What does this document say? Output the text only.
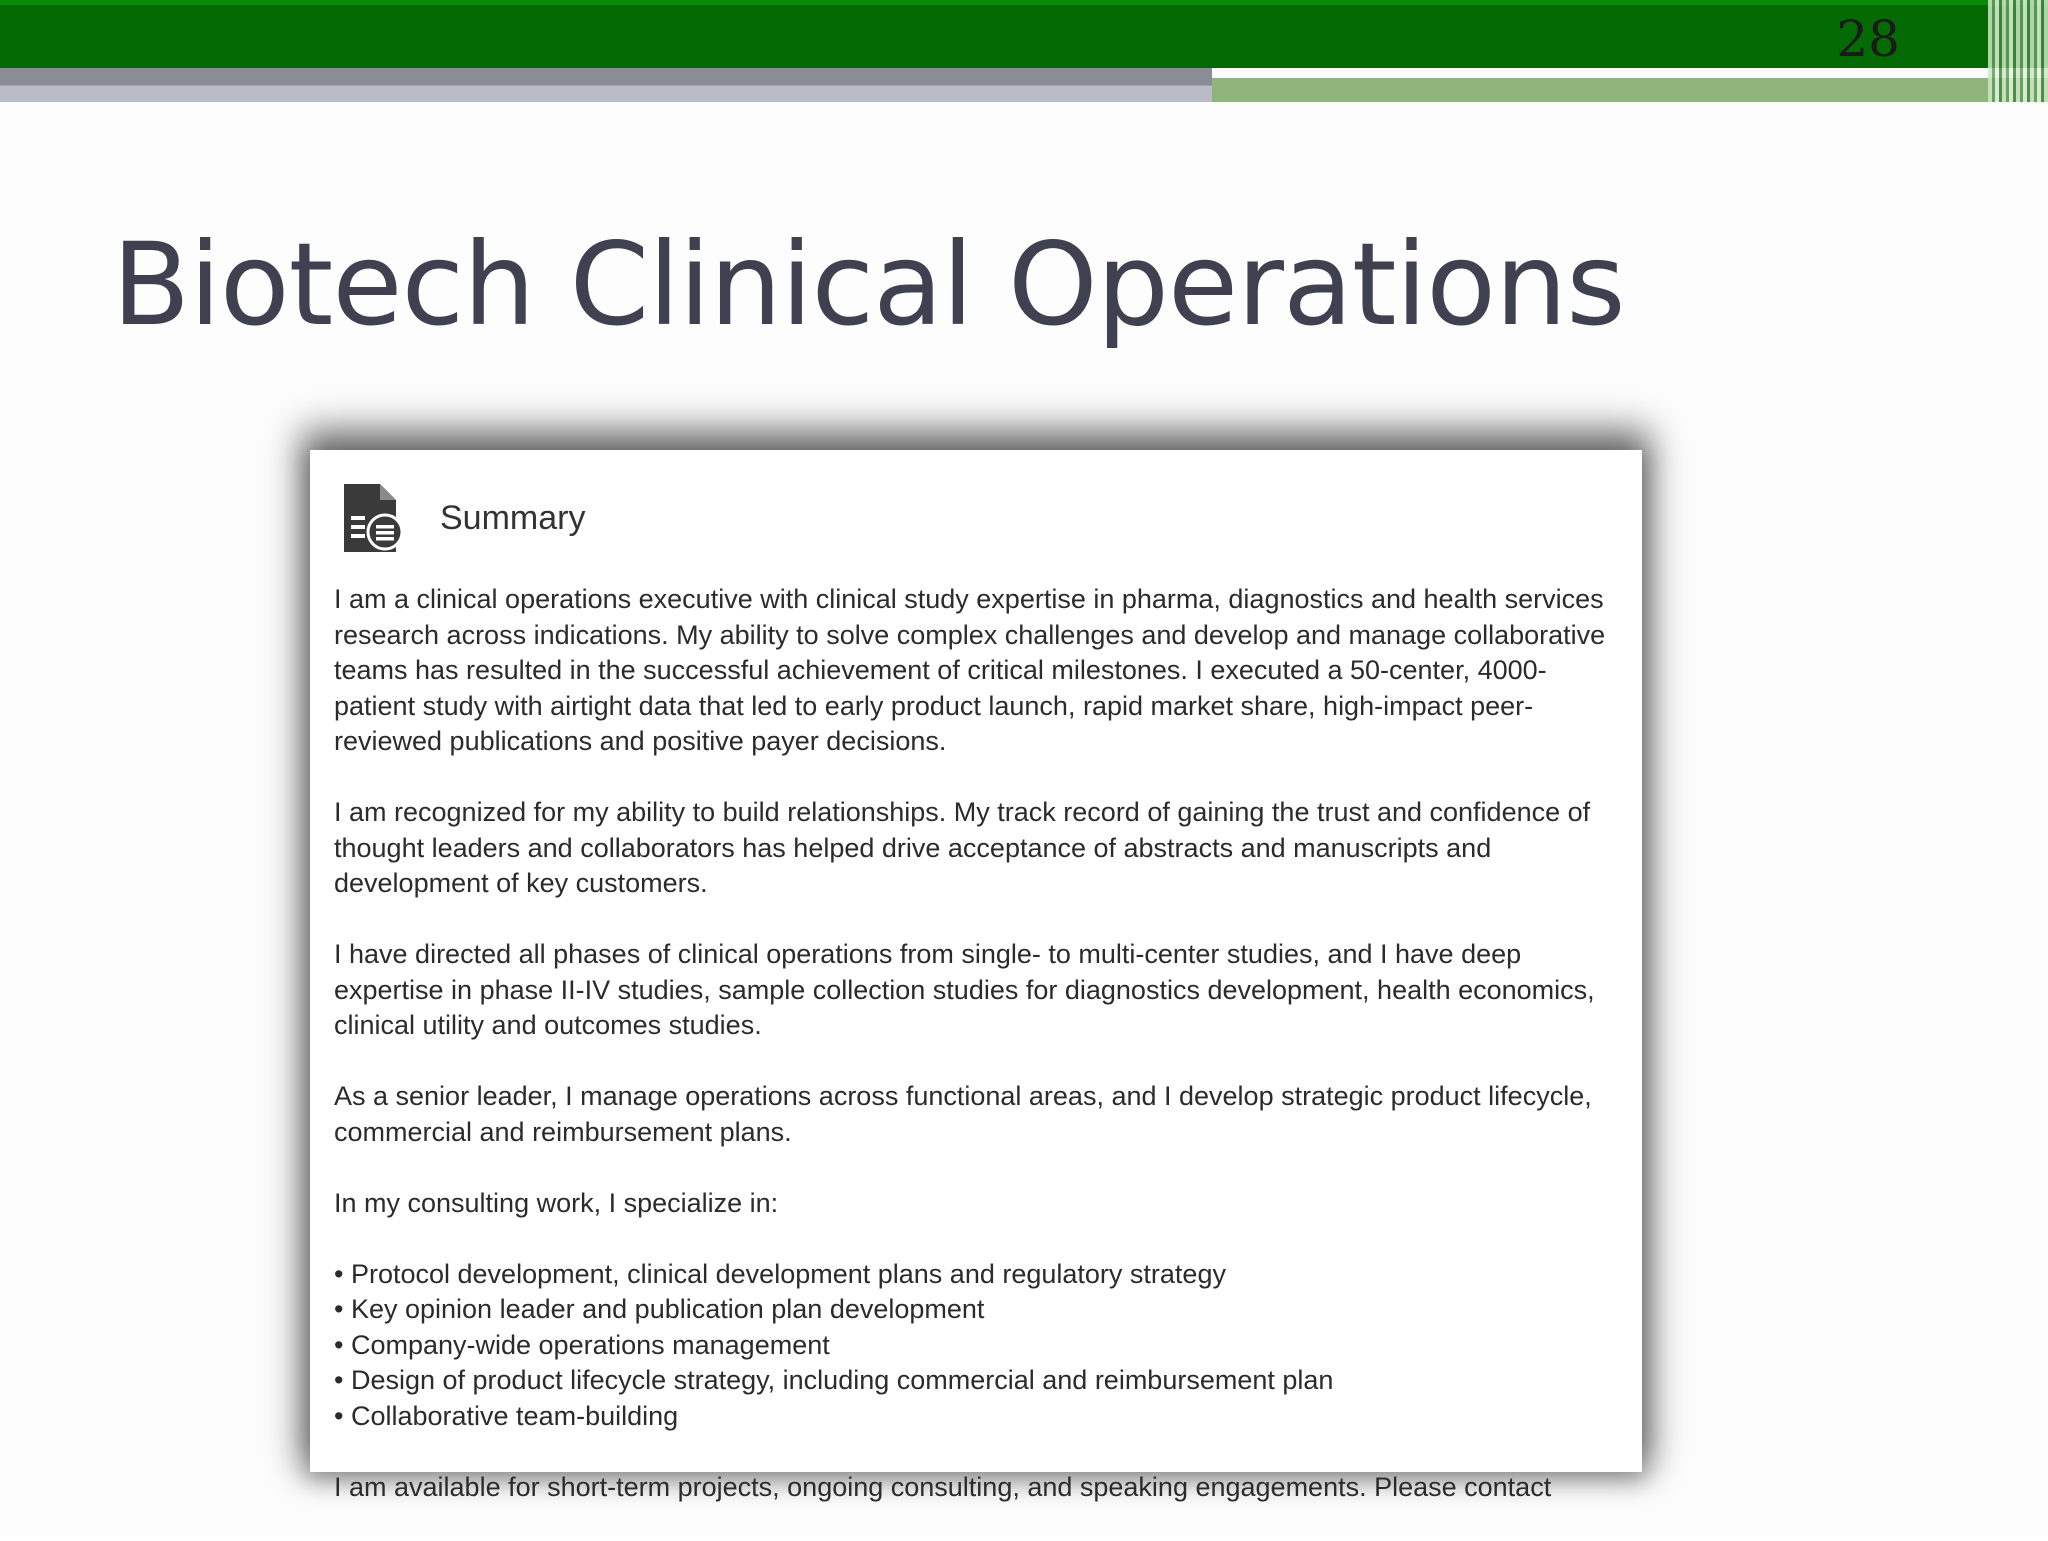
28
Biotech Clinical Operations
Summary

I am a clinical operations executive with clinical study expertise in pharma, diagnostics and health services research across indications. My ability to solve complex challenges and develop and manage collaborative teams has resulted in the successful achievement of critical milestones. I executed a 50-center, 4000-patient study with airtight data that led to early product launch, rapid market share, high-impact peer-reviewed publications and positive payer decisions.

I am recognized for my ability to build relationships. My track record of gaining the trust and confidence of thought leaders and collaborators has helped drive acceptance of abstracts and manuscripts and development of key customers.

I have directed all phases of clinical operations from single- to multi-center studies, and I have deep expertise in phase II-IV studies, sample collection studies for diagnostics development, health economics, clinical utility and outcomes studies.

As a senior leader, I manage operations across functional areas, and I develop strategic product lifecycle, commercial and reimbursement plans.

In my consulting work, I specialize in:

• Protocol development, clinical development plans and regulatory strategy
• Key opinion leader and publication plan development
• Company-wide operations management
• Design of product lifecycle strategy, including commercial and reimbursement plan
• Collaborative team-building

I am available for short-term projects, ongoing consulting, and speaking engagements. Please contact
